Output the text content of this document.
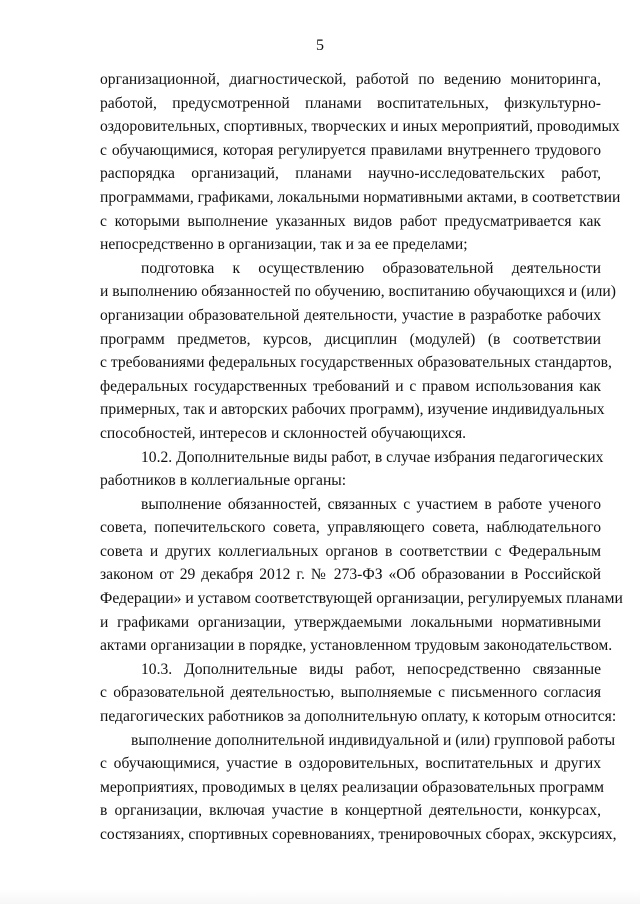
5
организационной, диагностической, работой по ведению мониторинга,
работой, предусмотренной планами воспитательных, физкультурно-
оздоровительных, спортивных, творческих и иных мероприятий, проводимых
с обучающимися, которая регулируется правилами внутреннего трудового
распорядка организаций, планами научно-исследовательских работ,
программами, графиками, локальными нормативными актами, в соответствии
с которыми выполнение указанных видов работ предусматривается как
непосредственно в организации, так и за ее пределами;
подготовка к осуществлению образовательной деятельности
и выполнению обязанностей по обучению, воспитанию обучающихся и (или)
организации образовательной деятельности, участие в разработке рабочих
программ предметов, курсов, дисциплин (модулей) (в соответствии
с требованиями федеральных государственных образовательных стандартов,
федеральных государственных требований и с правом использования как
примерных, так и авторских рабочих программ), изучение индивидуальных
способностей, интересов и склонностей обучающихся.
10.2. Дополнительные виды работ, в случае избрания педагогических
работников в коллегиальные органы:
выполнение обязанностей, связанных с участием в работе ученого
совета, попечительского совета, управляющего совета, наблюдательного
совета и других коллегиальных органов в соответствии с Федеральным
законом от 29 декабря 2012 г. № 273-ФЗ «Об образовании в Российской
Федерации» и уставом соответствующей организации, регулируемых планами
и графиками организации, утверждаемыми локальными нормативными
актами организации в порядке, установленном трудовым законодательством.
10.3. Дополнительные виды работ, непосредственно связанные
с образовательной деятельностью, выполняемые с письменного согласия
педагогических работников за дополнительную оплату, к которым относится:
выполнение дополнительной индивидуальной и (или) групповой работы
с обучающимися, участие в оздоровительных, воспитательных и других
мероприятиях, проводимых в целях реализации образовательных программ
в организации, включая участие в концертной деятельности, конкурсах,
состязаниях, спортивных соревнованиях, тренировочных сборах, экскурсиях,
